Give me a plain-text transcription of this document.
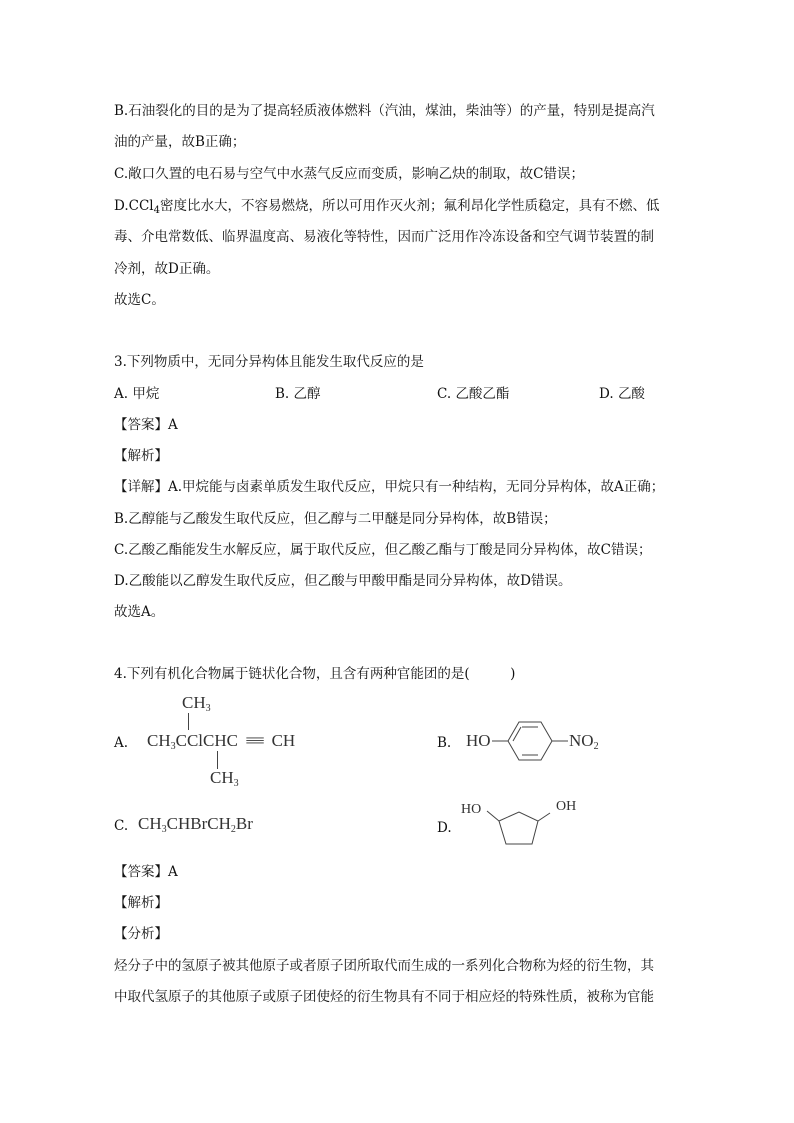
B.石油裂化的目的是为了提高轻质液体燃料（汽油，煤油，柴油等）的产量，特别是提高汽
油的产量，故B正确；
C.敞口久置的电石易与空气中水蒸气反应而变质，影响乙炔的制取，故C错误；
D.CCl$_4$密度比水大，不容易燃烧，所以可用作灭火剂；氟利昂化学性质稳定，具有不燃、低
毒、介电常数低、临界温度高、易液化等特性，因而广泛用作冷冻设备和空气调节装置的制
冷剂，故D正确。
故选C。
3.下列物质中，无同分异构体且能发生取代反应的是
A. 甲烷	B. 乙醇	C. 乙酸乙酯	D. 乙酸
【答案】A
【解析】
【详解】A.甲烷能与卤素单质发生取代反应，甲烷只有一种结构，无同分异构体，故A正确；
B.乙醇能与乙酸发生取代反应，但乙醇与二甲醚是同分异构体，故B错误；
C.乙酸乙酯能发生水解反应，属于取代反应，但乙酸乙酯与丁酸是同分异构体，故C错误；
D.乙酸能以乙醇发生取代反应，但乙酸与甲酸甲酯是同分异构体，故D错误。
故选A。
4.下列有机化合物属于链状化合物，且含有两种官能团的是(　　　)
A.
$CH_3$
$CH_3CClCHC$ ≡ CH
$CH_3$
B. HO	$NO_2$
C. $CH_3CHBrCH_2Br$	D.
HO	OH
【答案】A
【解析】
【分析】
烃分子中的氢原子被其他原子或者原子团所取代而生成的一系列化合物称为烃的衍生物，其
中取代氢原子的其他原子或原子团使烃的衍生物具有不同于相应烃的特殊性质，被称为官能
